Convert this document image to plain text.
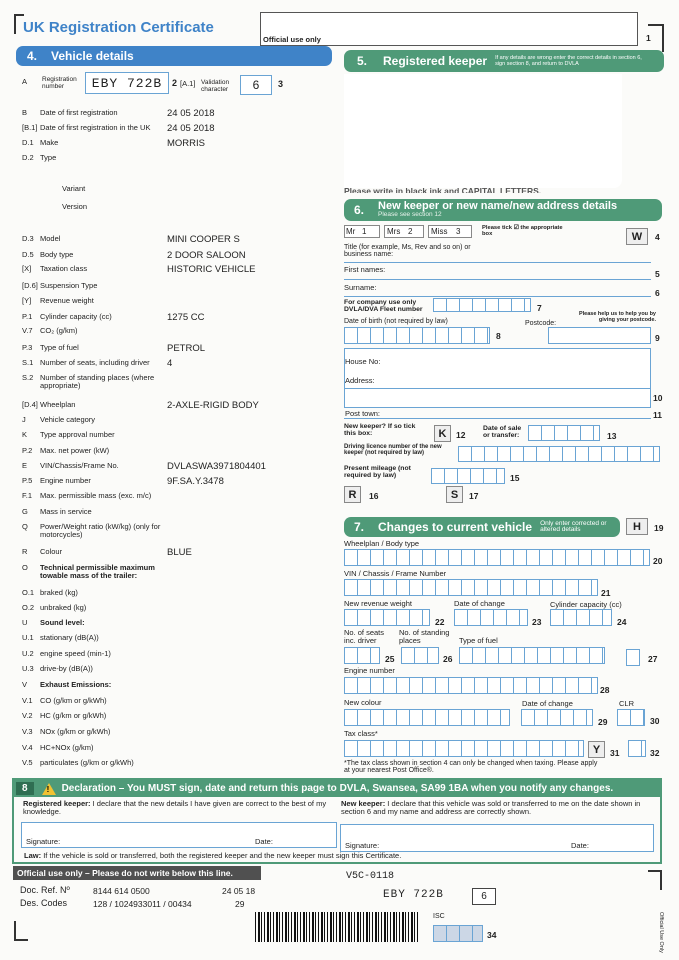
UK Registration Certificate
Official use only	1
4. Vehicle details
A Registration number	EBY 722B	2 [A.1] Validation character	6	3
B Date of first registration	24 05 2018
[B.1] Date of first registration in the UK	24 05 2018
D.1 Make	MORRIS
D.2 Type
Variant
Version
D.3 Model	MINI COOPER S
D.5 Body type	2 DOOR SALOON
[X] Taxation class	HISTORIC VEHICLE
[D.6] Suspension Type
[Y] Revenue weight
P.1 Cylinder capacity (cc)	1275 CC
V.7 CO₂ (g/km)
P.3 Type of fuel	PETROL
S.1 Number of seats, including driver	4
S.2 Number of standing places (where appropriate)
[D.4] Wheelplan	2-AXLE-RIGID BODY
J Vehicle category
K Type approval number
P.2 Max. net power (kW)
E VIN/Chassis/Frame No.	DVLASWA3971804401
P.5 Engine number	9F.SA.Y.3478
F.1 Max. permissible mass (exc. m/c)
G Mass in service
Q Power/Weight ratio (kW/kg) (only for motorcycles)
R Colour	BLUE
O Technical permissible maximum towable mass of the trailer:
O.1 braked (kg)
O.2 unbraked (kg)
U Sound level:
U.1 stationary (dB(A))
U.2 engine speed (min-1)
U.3 drive-by (dB(A))
V Exhaust Emissions:
V.1 CO (g/km or g/kWh)
V.2 HC (g/km or g/kWh)
V.3 NOx (g/km or g/kWh)
V.4 HC+NOx (g/km)
V.5 particulates (g/km or g/kWh)
5. Registered keeper If any details are wrong enter the correct details in section 6, sign section 8, and return to DVLA
Please write in black ink and CAPITAL LETTERS.
6. New keeper or new name/new address details
Please see section 12
Mr 1	Mrs 2 Miss 3	Please tick ☑ the appropriate box	W	4
Title (for example, Ms, Rev and so on) or business name:
First names:	5
Surname:
6
For company use only DVLA/DVA Fleet number	7
Date of birth (not required by law)	Postcode:
Please help us to help you by giving your postcode.
8	9
House No:
Address:
10
Post town:	11
New keeper? If so tick this box:	K	12
Date of sale or transfer:	13
Driving licence number of the new keeper (not required by law)
Present mileage (not required by law)	15
R	16	S	17
7. Changes to current vehicle Only enter corrected or altered details	H	19
Wheelplan / Body type
20
VIN / Chassis / Frame Number
21
New revenue weight
22
Date of change
23
Cylinder capacity (cc)
24
No. of seats inc. driver
25
No. of standing places
26
Type of fuel
27
Engine number
28
New colour	Date of change
29
CLR
30
Tax class*
Y	31	32
*The tax class shown in section 4 can only be changed when taxing. Please apply at your nearest Post Office®.
8	! Declaration – You MUST sign, date and return this page to DVLA, Swansea, SA99 1BA when you notify any changes.
Registered keeper: I declare that the new details I have given are correct to the best of my knowledge.
Signature:	Date:
New keeper: I declare that this vehicle was sold or transferred to me on the date shown in section 6 and my name and address are correctly shown.
Signature:	Date:
Law: If the vehicle is sold or transferred, both the registered keeper and the new keeper must sign this Certificate.
Official use only – Please do not write below this line.
Doc. Ref. Nº	8144 614 0500	24 05 18
Des. Codes	128 / 1024933011 / 00434	29
V5C-0118
EBY 722B	6
Official Use Only
ISC
34
